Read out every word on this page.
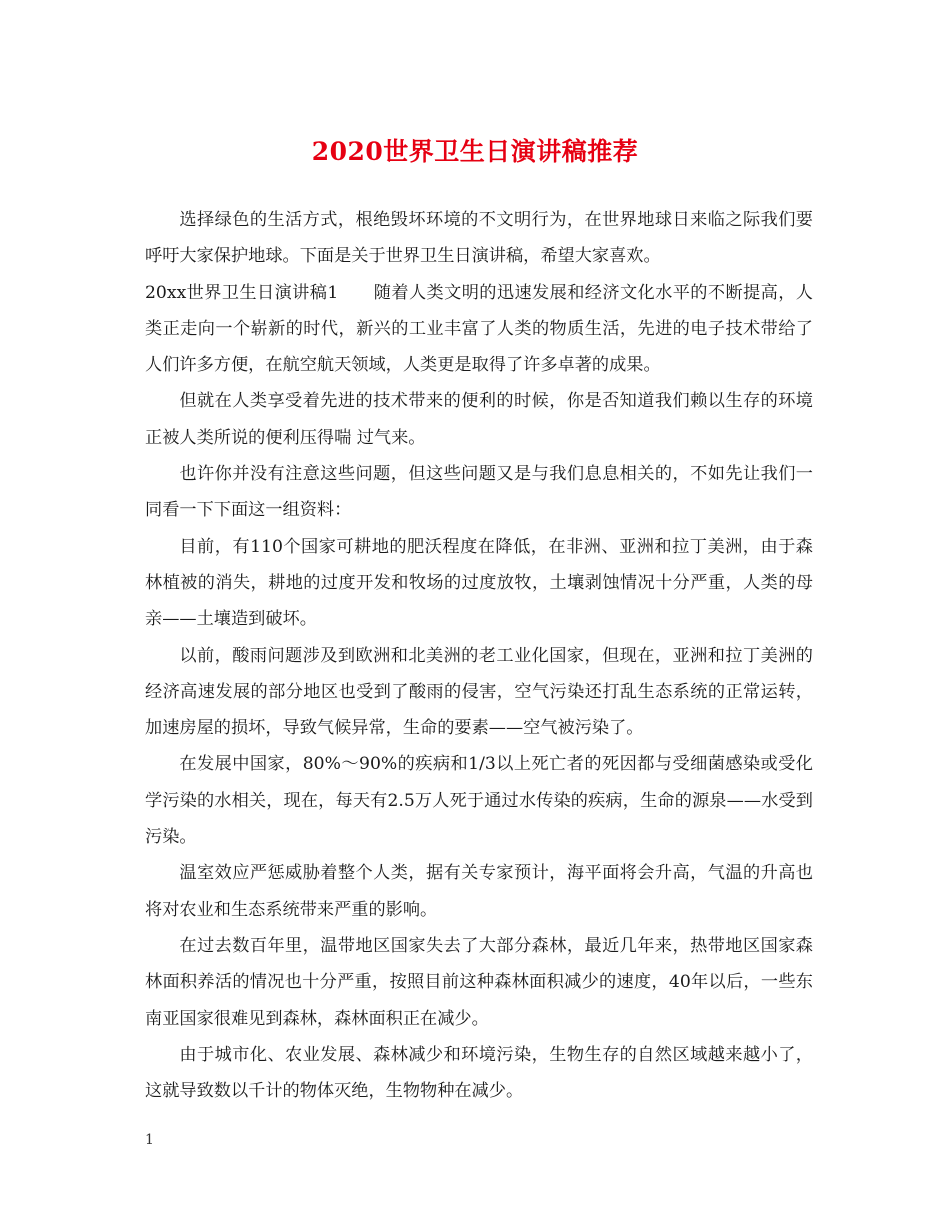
2020世界卫生日演讲稿推荐

选择绿色的生活方式，根绝毁坏环境的不文明行为，在世界地球日来临之际我们要呼吁大家保护地球。下面是关于世界卫生日演讲稿，希望大家喜欢。

20xx世界卫生日演讲稿1　　随着人类文明的迅速发展和经济文化水平的不断提高，人类正走向一个崭新的时代，新兴的工业丰富了人类的物质生活，先进的电子技术带给了人们许多方便，在航空航天领域，人类更是取得了许多卓著的成果。

但就在人类享受着先进的技术带来的便利的时候，你是否知道我们赖以生存的环境正被人类所说的便利压得喘 过气来。

也许你并没有注意这些问题，但这些问题又是与我们息息相关的，不如先让我们一同看一下下面这一组资料：

目前，有110个国家可耕地的肥沃程度在降低，在非洲、亚洲和拉丁美洲，由于森林植被的消失，耕地的过度开发和牧场的过度放牧，土壤剥蚀情况十分严重，人类的母亲——土壤造到破坏。

以前，酸雨问题涉及到欧洲和北美洲的老工业化国家，但现在，亚洲和拉丁美洲的经济高速发展的部分地区也受到了酸雨的侵害，空气污染还打乱生态系统的正常运转，加速房屋的损坏，导致气候异常，生命的要素——空气被污染了。

在发展中国家，80%～90%的疾病和1/3以上死亡者的死因都与受细菌感染或受化学污染的水相关，现在，每天有2.5万人死于通过水传染的疾病，生命的源泉——水受到污染。

温室效应严惩威胁着整个人类，据有关专家预计，海平面将会升高，气温的升高也将对农业和生态系统带来严重的影响。

在过去数百年里，温带地区国家失去了大部分森林，最近几年来，热带地区国家森林面积养活的情况也十分严重，按照目前这种森林面积减少的速度，40年以后，一些东南亚国家很难见到森林，森林面积正在减少。

由于城市化、农业发展、森林减少和环境污染，生物生存的自然区域越来越小了，这就导致数以千计的物体灭绝，生物物种在减少。

1
